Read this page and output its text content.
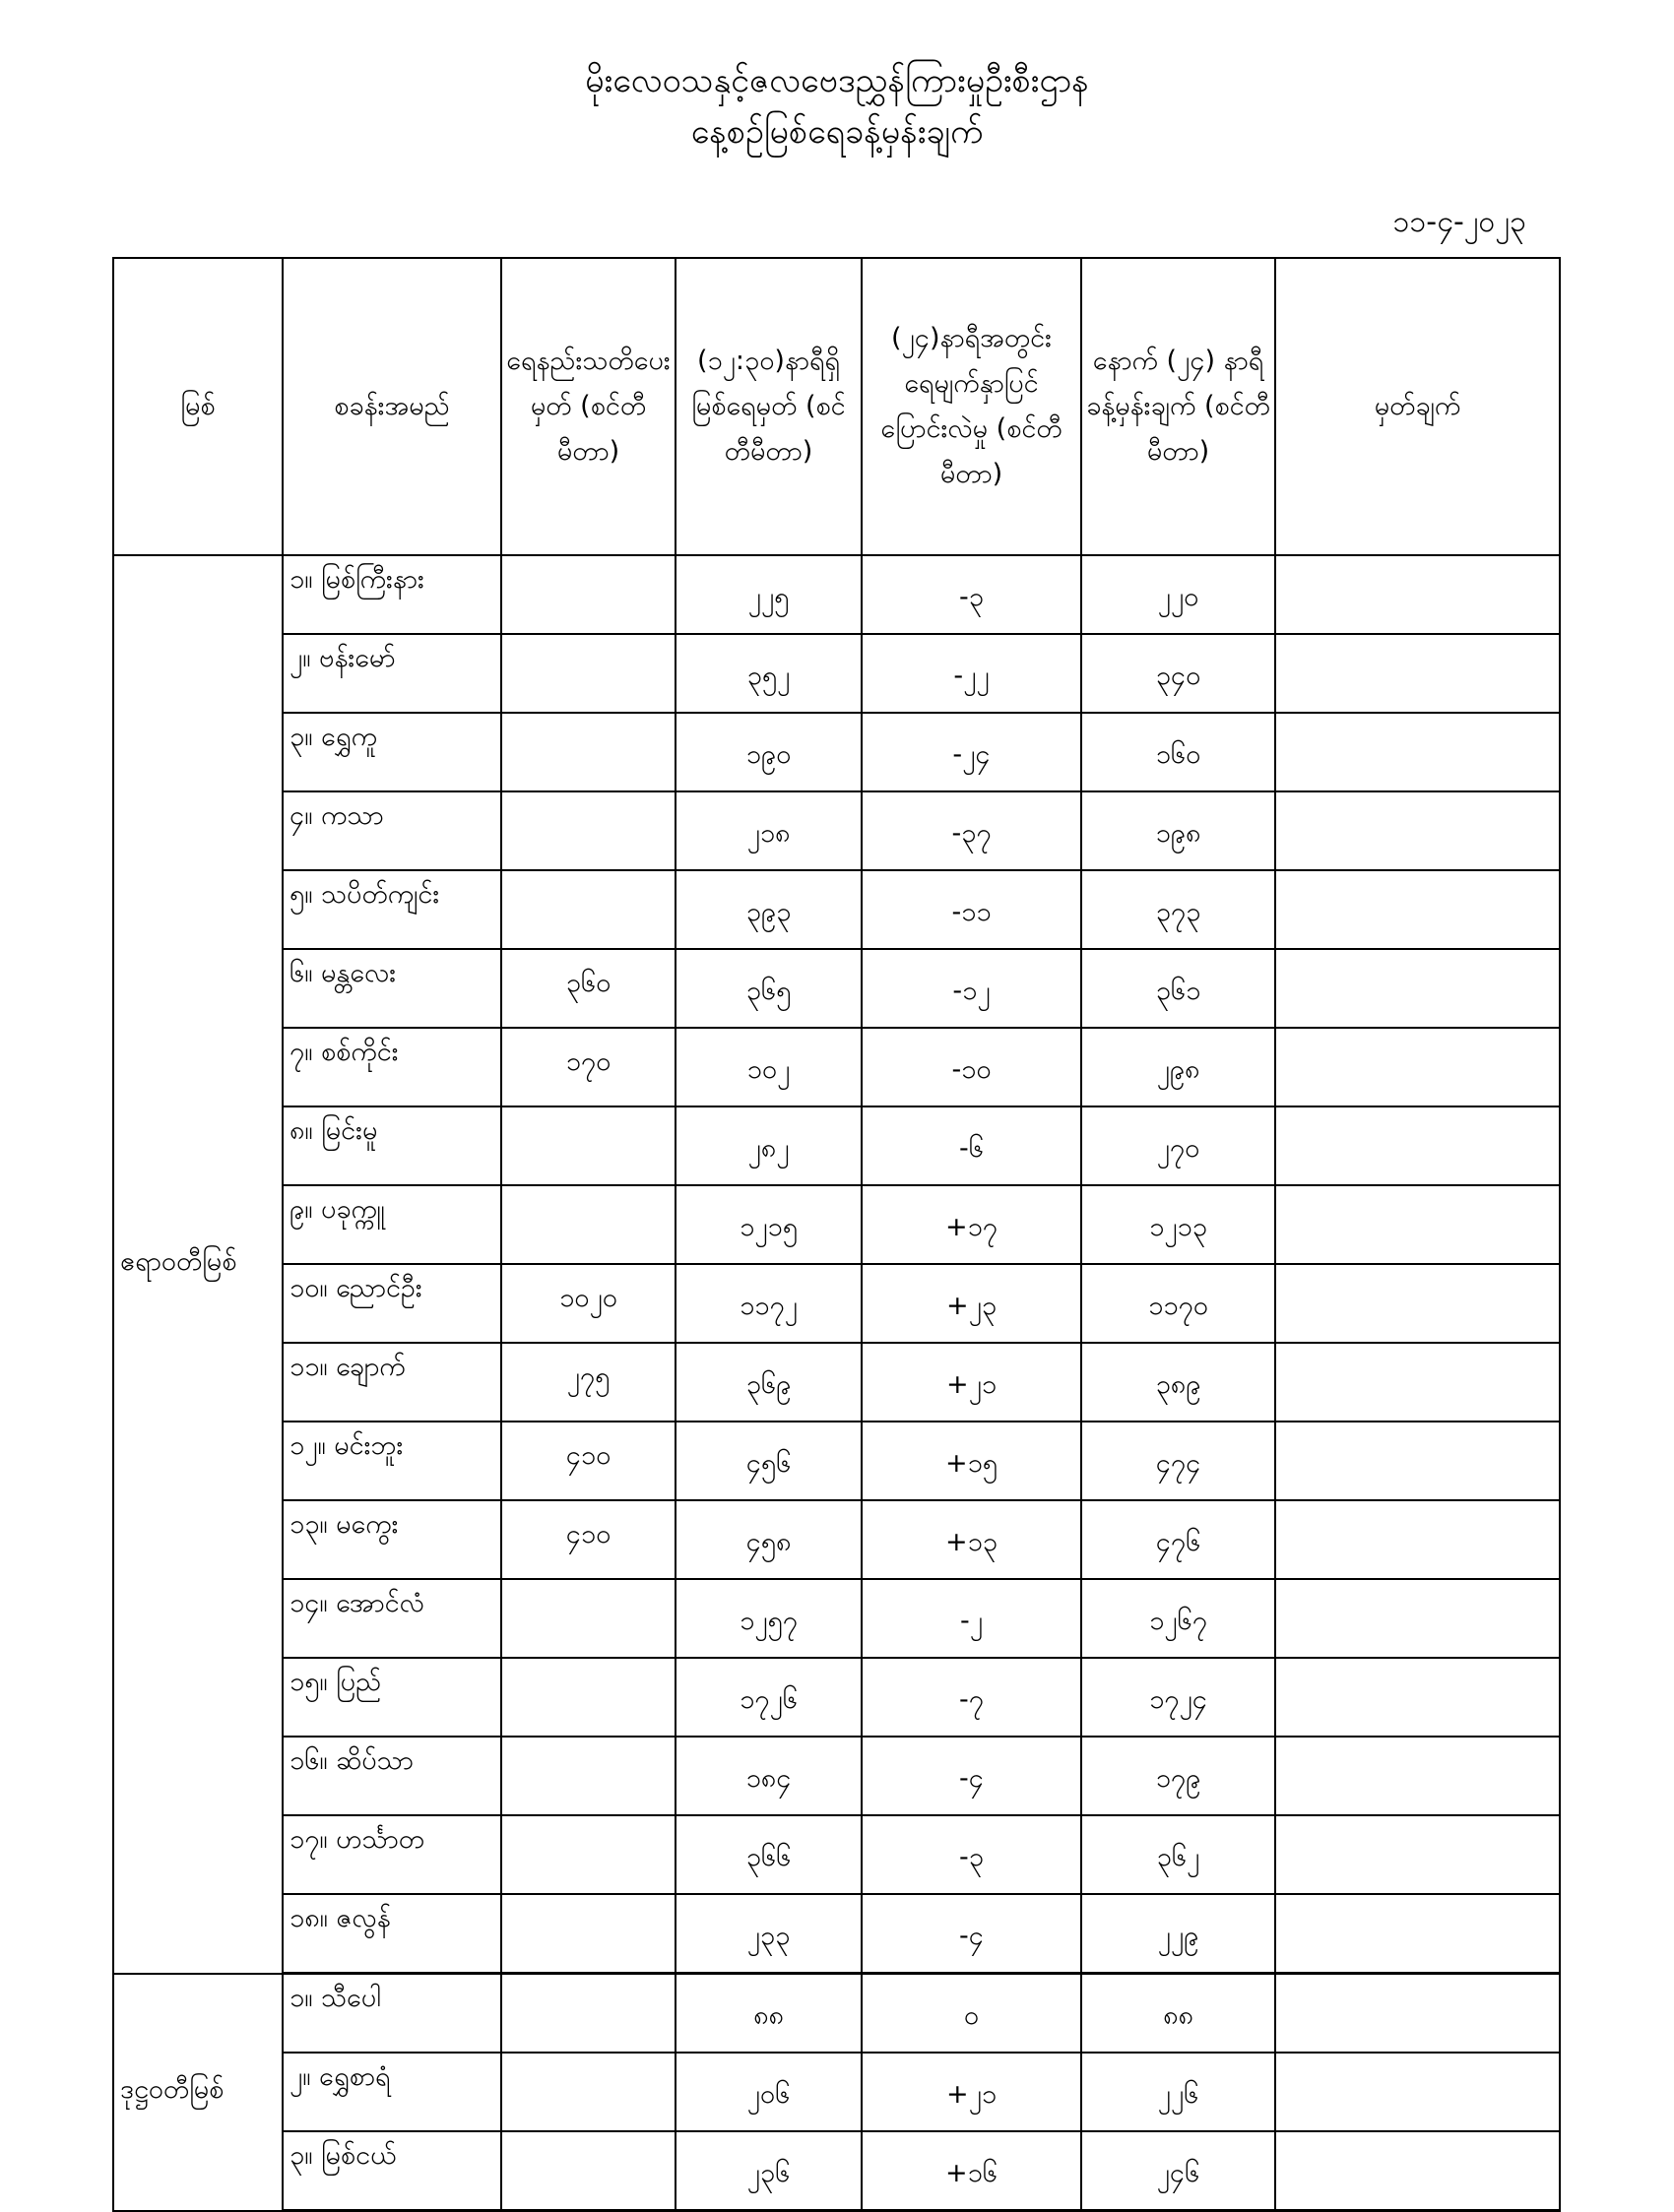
မိုးလေဝသနှင့်ဇလဗေဒညွှန်ကြားမှုဦးစီးဌာန
နေ့စဉ်မြစ်ရေခန့်မှန်းချက်
၁၁-၄-၂၀၂၃
မြစ်	စခန်းအမည်	ရေနည်းသတိပေးမှတ် (စင်တီမီတာ)	(၁၂:၃၀)နာရီရှိ မြစ်ရေမှတ် (စင်တီမီတာ)	(၂၄)နာရီအတွင်း ရေမျက်နှာပြင် ပြောင်းလဲမှု (စင်တီမီတာ)	နောက် (၂၄) နာရီ ခန့်မှန်းချက် (စင်တီမီတာ)	မှတ်ချက်
ဧရာဝတီမြစ်	၁။ မြစ်ကြီးနား		၂၂၅	-၃	၂၂၀	
	၂။ ဗန်းမော်		၃၅၂	-၂၂	၃၄၀	
	၃။ ရွှေကူ		၁၉၀	-၂၄	၁၆၀	
	၄။ ကသာ		၂၁၈	-၃၇	၁၉၈	
	၅။ သပိတ်ကျင်း		၃၉၃	-၁၁	၃၇၃	
	၆။ မန္တလေး	၃၆၀	၃၆၅	-၁၂	၃၆၁	
	၇။ စစ်ကိုင်း	၁၇၀	၁၀၂	-၁၀	၂၉၈	
	၈။ မြင်းမူ		၂၈၂	-၆	၂၇၀	
	၉။ ပခုက္ကူ		၁၂၁၅	+၁၇	၁၂၁၃	
	၁၀။ ညောင်ဦး	၁၀၂၀	၁၁၇၂	+၂၃	၁၁၇၀	
	၁၁။ ချောက်	၂၇၅	၃၆၉	+၂၁	၃၈၉	
	၁၂။ မင်းဘူး	၄၁၀	၄၅၆	+၁၅	၄၇၄	
	၁၃။ မကွေး	၄၁၀	၄၅၈	+၁၃	၄၇၆	
	၁၄။ အောင်လံ		၁၂၅၇	-၂	၁၂၆၇	
	၁၅။ ပြည်		၁၇၂၆	-၇	၁၇၂၄	
	၁၆။ ဆိပ်သာ		၁၈၄	-၄	၁၇၉	
	၁၇။ ဟင်္သာတ		၃၆၆	-၃	၃၆၂	
	၁၈။ ဇလွန်		၂၃၃	-၄	၂၂၉	
ဒုဋ္ဌဝတီမြစ်	၁။ သီပေါ		၈၈	၀	၈၈	
	၂။ ရွှေစာရံ		၂၀၆	+၂၁	၂၂၆	
	၃။ မြစ်ငယ်		၂၃၆	+၁၆	၂၄၆	
